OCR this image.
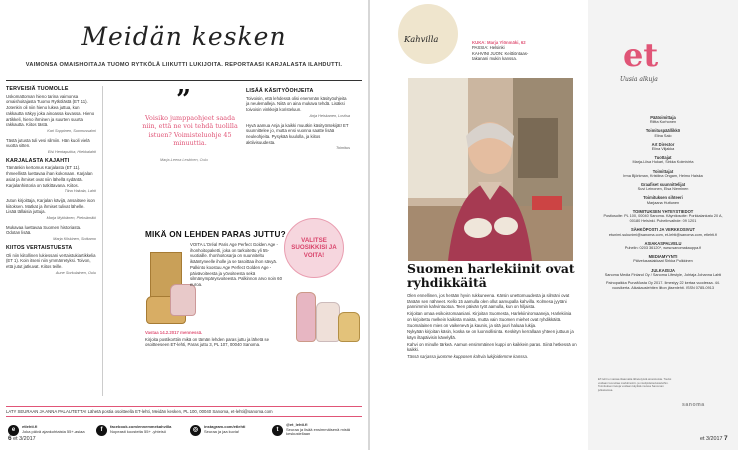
Meidän kesken
VAIMONSA OMAISHOITAJA TUOMO RYTKÖLÄ LIIKUTTI LUKIJOITA. REPORTAASI KARJALASTA ILAHDUTTI.
TERVEISIÄ TUOMOLLE

Uskomattoman hieno tarina vaimonsa omaishoitajasta Tuomo Rytkölästä (ET 11). Jotenkin oli niin hieno lukea juttua, kun rakkautta näkyy joka ainoassa kuvassa. Hieno artikkeli, hieno ihminen ja suurten suurta rakkautta. Kiitos tästä.

Kari Soppinen, Suomussalmi

Tästä jutusta tuli vesi silmiin. Hän kuoli vielä vuotta sitten.

Elsi Hentapukka, Hiekkalahti
KARJALASTA KAJAHTI

Tämänkin kertomus Karjalasta (ET 11). Ihmeellistä luettavaa ihan kokonaan. Karjalan asiat ja ihmiset ovat niin lähellä sydäntä. Karjalanhistoria on tutkittavana. Kiitos.

Tiina Hakala, Lahti

Jutun kirjoittaja, Karjalan kävijä, ansaitsee ison kiitoksen. Matkat ja ihmiset tulivat lähelle. Lisää tällaisia juttuja.

Marja Mykkänen, Pieksämäki

Mukavaa luettavaa Suomen historiasta. Odotan lisää.

Marja Kiiskinen, Sotkamo
KIITOS VERTAISTUESTA

Oli niin kiitollinen lukiessani vertaistukiartikkelia (ET 1). Koin itseni niin ymmärretyksi. Toivon, että jutut jatkuvat. Kiitos teille.

Aune Sorkulainen, Oulu
”
Voisiko jumppaohjeet saada niin, että ne voi tehdä tuolilla istuen? Voimisteluohje 45 minuuttia.
Marja-Leena Leskinen, Oulu
LISÄÄ KÄSITYÖOHJEITA

Toivoisin, että lehdessä olisi enemmän käsityöohjeita ja neulemalleja. Niitä on aina mukava tehdä. Lisäksi toivoisin vinkkejä koristeluun.

Anja Heiskanen, Loviisa

Hyvä aamua Anja ja kaikki muutkin käsityöntekijät! ET suunnittelee jo, mutta ensi vuonna saatte lisää neuleohjeita. Pysykää kuulolla, ja kiitos aktiivisuudesta.

Toimitus
MIKÄ ON LEHDEN PARAS JUTTU?
VALITSE SUOSIKKISI JA VOITA!

VOITA L'Oréal Paris Age Perfect Golden Age -ihonhoitopaketti, joka on tarkoitettu yli 55-vuotiaille. Ihonhoitosarja on suunniteltu ikääntyneelle iholle ja se tasoittaa ihon sävyä. Palkinto koostuu Age Perfect Golden Age -päivävoiteesta ja yövoiteesta sekä silmänympärysvoiteesta. Palkinnon arvo noin 60 euroa.

Vastaa 14.2.2017 mennessä.

Kirjoita postikorttiin mikä on tämän lehden paras juttu ja lähetä se osoitteeseen ET-lehti, Paras juttu 3, PL 107, 00040 Sanoma.

LATY SEURAAN JA ANNA PALAUTETTA! Lähetä postia osoitteella ET-lehti, Meidän kesken, PL 100, 00040 Sanoma, et-lehti@sanoma.com
e	etlehti.fi
Joka päivä ajankohtaista 55+-asiaa	f	facebook.com/ennemmekahvilla
Nopeasti koosteita 55+ -yhteisö	◎	instagram.com/etlehti
Seuraa ja jaa kuvia!	t
@et_lehti.fi
Seuraa ja lisää ensimmäisenä mistä keskustellaan
6 et 3/2017
Kahvilla	KUKA: Marja Ylönmäki, 62
PASSIA: Helsinki
KAHVINI JUON: Keittiöntaas-
takanani mukin kanssa.
Suomen harlekiinit ovat ryhdikkäitä

Olen ennellinen, jos herään hyvin rukkuneena. Kärsin unettomuudesta ja silmäni ovat tänään sen nähneet. Kello 15 aamulla olen ollut aamupalla kahvilla. Kolmesa jyytäni pannimmin kahvintuotoa. Teen päivän työt aamulla, kun on hiljaista.

Kirjoitan omaa esikoisromaaniani. Kirjoitan Suomesta, Harlekiiniromaaneja, Harlekiinia on kirjoitettu melkein kaikista maista, mutta vain Suomen miehet ovat ryhdikkäitä. Suomalainen mies on vaikenevä ja kaunis, ja sitä juuri haluaa lukija.

Nykyään kirjoitan käsin, koska se on luonnollisinta. Keskityn kerrallaan yhteen juttuun ja käyn iltapäivisin kävelyllä.

Kahvi on minulle tärkeä. Aamun ensimmäinen kuppi on kaikkein paras. Siinä hetkessä on kaikki.

Tässä sarjassa juomme kupposen kahvia lukijoidemme kanssa.

et
Uusia alkuja
Päätoimittaja
Riitta Korhonen
Toimituspäällikkö
Elina Salo
Art Director
Elina Viljakka
Tuottajat
Marja-Liisa Hukari, Sirkka Kolmivirta
Toimittajat
Irma Björkman, Kristiina Ongam, Heimo Haiska
Graafiset suunnittelijat
Suvi Leinonen, Elsa Nieminen
Toimituksen sihteeri
Marjaana Huttunen
TOIMITUKSEN YHTEYSTIEDOT
Postiosoite: PL 100, 00040 Sanoma. Käyntiosoite: Porkkalankatu 20 A, 00180 Helsinki. Puhelinvaihde: 09 1201
SÄHKÖPOSTI JA VERKKOSIVUT
etunimi.sukunimi@sanoma.com, et-lehti@sanoma.com, etlehti.fi
ASIAKASPALVELU
Puhelin: 0203 36120*, www.sanomakauppa.fi
MEDIAMYYNTI
Päivelusasiakkaat Sirkka Pulkkinen
JULKAISIJA
Sanoma Media Finland Oy / Sanoma Lifestyle, Johtaja Johanna Lahti
Painopaikka PunaMusta Oy 2017. Ilmestyy 22 kertaa vuodessa. 44. vuosikerta. Aikakauslehtien liiton jäsenlehti. ISSN 0785-0913
ET-lehti ei vastaa tilaamatta lähetetyistä aineistoista. Tiedot voidaan luovuttaa markkinointi- ja mielipidetiedusteluihin. Toimituksen tietoja voidaan käyttää muissa Sanoman julkaisuissa.
sanoma
et 3/2017 7
